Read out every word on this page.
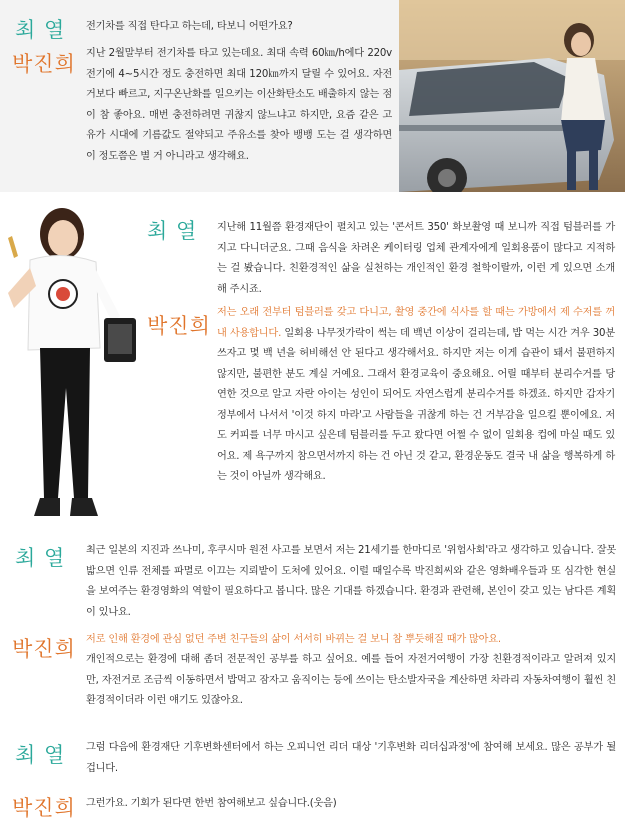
최 열 전기차를 직접 탄다고 하는데, 타보니 어떤가요?

박진희 지난 2월말부터 전기차를 타고 있는데요. 최대 속력 60㎞/h에다 220v전기에 4~5시간 정도 충전하면 최대 120㎞까지 달릴 수 있어요. 자전거보다 빠르고, 지구온난화를 일으키는 이산화탄소도 배출하지 않는 점이 참 좋아요. 매번 충전하려면 귀찮지 않느냐고 하지만, 요즘 같은 고유가 시대에 기름값도 절약되고 주유소를 찾아 뱅뱅 도는 걸 생각하면 이 정도쯤은 별 거 아니라고 생각해요.

최 열 지난해 11월쯤 환경재단이 펼치고 있는 '콘서트 350' 화보촬영 때 보니까 직접 텀블러를 가지고 다니더군요. 그때 음식을 차려온 케이터링 업체 관계자에게 일회용품이 많다고 지적하는 걸 봤습니다. 친환경적인 삶을 실천하는 개인적인 환경 철학이랄까, 이런 게 있으면 소개해 주시죠.

박진희

저는 오래 전부터 텀블러를 갖고 다니고, 촬영 중간에 식사를 할 때는 가방에서 제 수저를 꺼내 사용합니다. 일회용 나무젓가락이 썩는 데 백년 이상이 걸리는데, 밥 먹는 시간 겨우 30분 쓰자고 몇 백 년을 허비해선 안 된다고 생각해서요. 하지만 저는 이게 습관이 돼서 불편하지 않지만, 불편한 분도 계실 거예요. 그래서 환경교육이 중요해요. 어릴 때부터 분리수거를 당연한 것으로 알고 자란 아이는 성인이 되어도 자연스럽게 분리수거를 하겠죠. 하지만 갑자기 정부에서 나서서 '이것 하지 마라'고 사람들을 귀찮게 하는 건 거부감을 일으킬 뿐이에요. 저도 커피를 너무 마시고 싶은데 텀블러를 두고 왔다면 어쩔 수 없이 일회용 컵에 마실 때도 있어요. 제 욕구까지 참으면서까지 하는 건 아닌 것 같고, 환경운동도 결국 내 삶을 행복하게 하는 것이 아닐까 생각해요.

최 열 최근 일본의 지진과 쓰나미, 후쿠시마 원전 사고를 보면서 저는 21세기를 한마디로 '위험사회'라고 생각하고 있습니다. 잘못 밟으면 인류 전체를 파멸로 이끄는 지뢰밭이 도처에 있어요. 이럴 때일수록 박진희씨와 같은 영화배우들과 또 심각한 현실을 보여주는 환경영화의 역할이 필요하다고 봅니다. 많은 기대를 하겠습니다. 환경과 관련해, 본인이 갖고 있는 남다른 계획이 있나요.

박진희 저로 인해 환경에 관심 없던 주변 친구들의 삶이 서서히 바뀌는 걸 보니 참 뿌듯해질 때가 많아요.

개인적으로는 환경에 대해 좀더 전문적인 공부를 하고 싶어요. 예를 들어 자전거여행이 가장 친환경적이라고 알려져 있지만, 자전거로 조금씩 이동하면서 밥먹고 잠자고 움직이는 등에 쓰이는 탄소발자국을 계산하면 차라리 자동차여행이 훨씬 친환경적이더라 이런 얘기도 있잖아요.

최 열 그럼 다음에 환경재단 기후변화센터에서 하는 오피니언 리더 대상 '기후변화 리더십과정'에 참여해 보세요. 많은 공부가 될 겁니다.

박진희 그런가요. 기회가 된다면 한번 참여해보고 싶습니다.(웃음)
